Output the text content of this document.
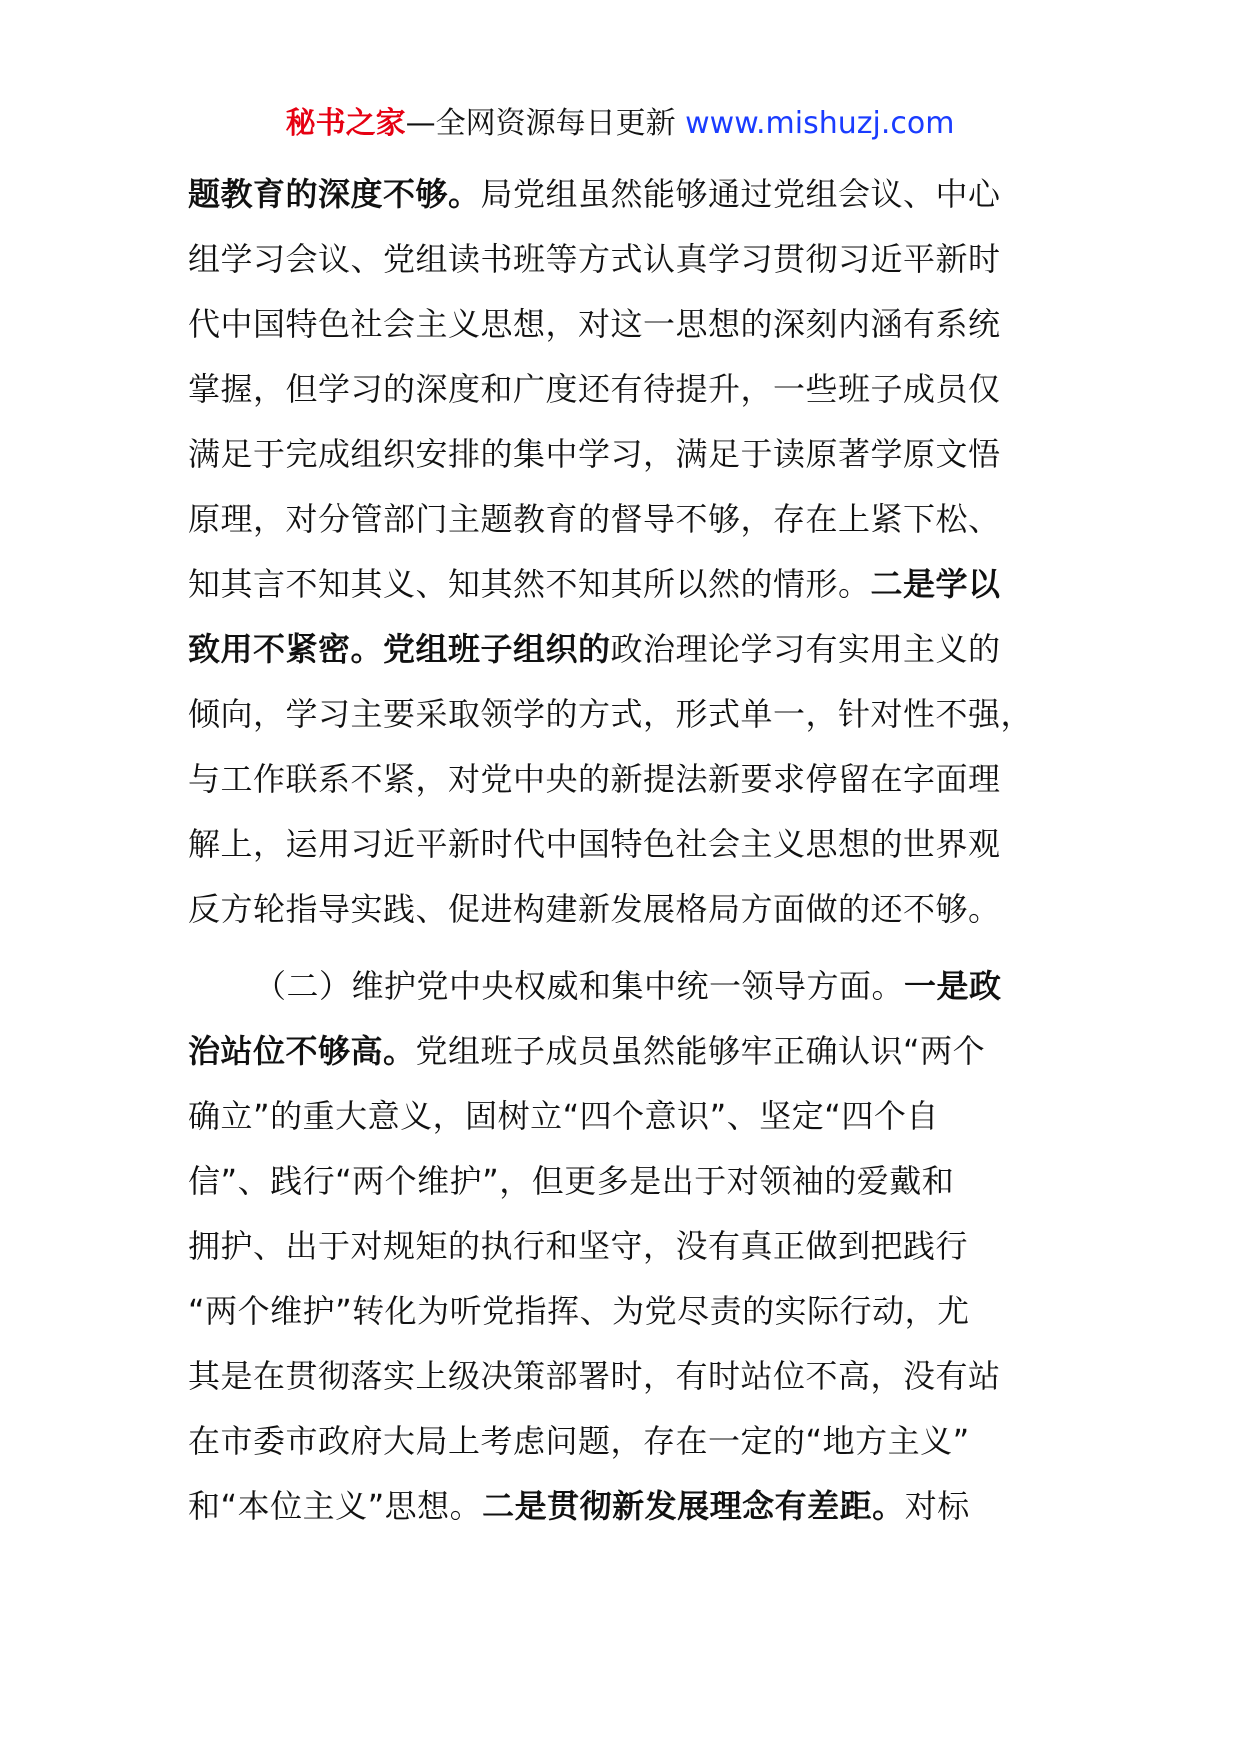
秘书之家—全网资源每日更新 www.mishuzj.com
题教育的深度不够。局党组虽然能够通过党组会议、中心
组学习会议、党组读书班等方式认真学习贯彻习近平新时
代中国特色社会主义思想，对这一思想的深刻内涵有系统
掌握，但学习的深度和广度还有待提升，一些班子成员仅
满足于完成组织安排的集中学习，满足于读原著学原文悟
原理，对分管部门主题教育的督导不够，存在上紧下松、
知其言不知其义、知其然不知其所以然的情形。二是学以
致用不紧密。党组班子组织的政治理论学习有实用主义的
倾向，学习主要采取领学的方式，形式单一，针对性不强，
与工作联系不紧，对党中央的新提法新要求停留在字面理
解上，运用习近平新时代中国特色社会主义思想的世界观
反方轮指导实践、促进构建新发展格局方面做的还不够。
（二）维护党中央权威和集中统一领导方面。一是政
治站位不够高。党组班子成员虽然能够牢正确认识“两个
确立”的重大意义，固树立“四个意识”、坚定“四个自
信”、践行“两个维护”，但更多是出于对领袖的爱戴和
拥护、出于对规矩的执行和坚守，没有真正做到把践行
“两个维护”转化为听党指挥、为党尽责的实际行动，尤
其是在贯彻落实上级决策部署时，有时站位不高，没有站
在市委市政府大局上考虑问题，存在一定的“地方主义”
和“本位主义”思想。二是贯彻新发展理念有差距。对标
